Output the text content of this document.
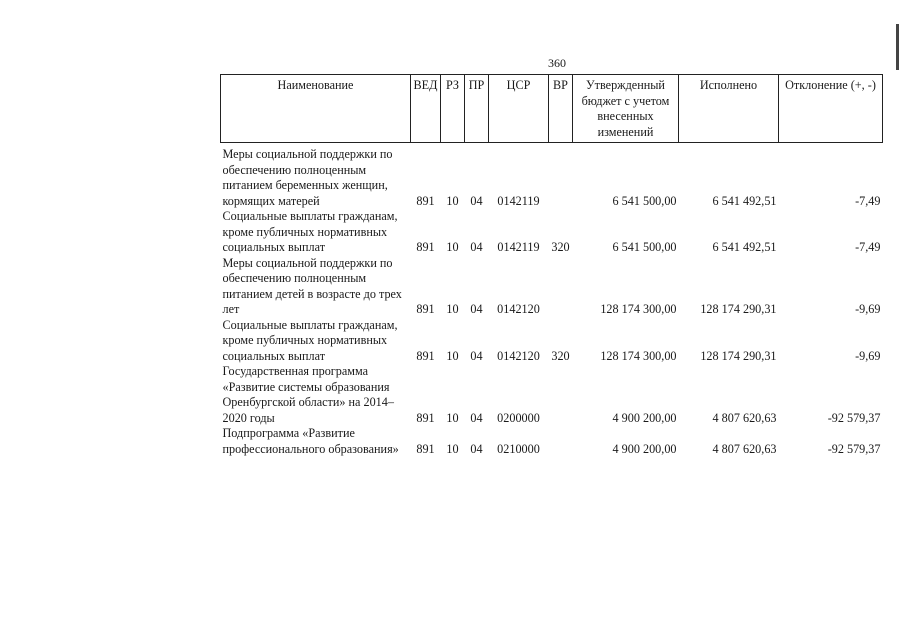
360
Наименование	ВЕД	РЗ	ПР	ЦСР	ВР	Утвержденный бюджет с учетом внесенных изменений	Исполнено	Отклонение (+, -)

Меры социальной поддержки по обеспечению полноценным питанием беременных женщин, кормящих матерей	891	10	04	0142119		6 541 500,00	6 541 492,51	-7,49
Социальные выплаты гражданам, кроме публичных нормативных социальных выплат	891	10	04	0142119	320	6 541 500,00	6 541 492,51	-7,49
Меры социальной поддержки по обеспечению полноценным питанием детей в возрасте до трех лет	891	10	04	0142120		128 174 300,00	128 174 290,31	-9,69
Социальные выплаты гражданам, кроме публичных нормативных социальных выплат	891	10	04	0142120	320	128 174 300,00	128 174 290,31	-9,69
Государственная программа «Развитие системы образования Оренбургской области» на 2014–2020 годы	891	10	04	0200000		4 900 200,00	4 807 620,63	-92 579,37
Подпрограмма «Развитие профессионального образования»	891	10	04	0210000		4 900 200,00	4 807 620,63	-92 579,37
